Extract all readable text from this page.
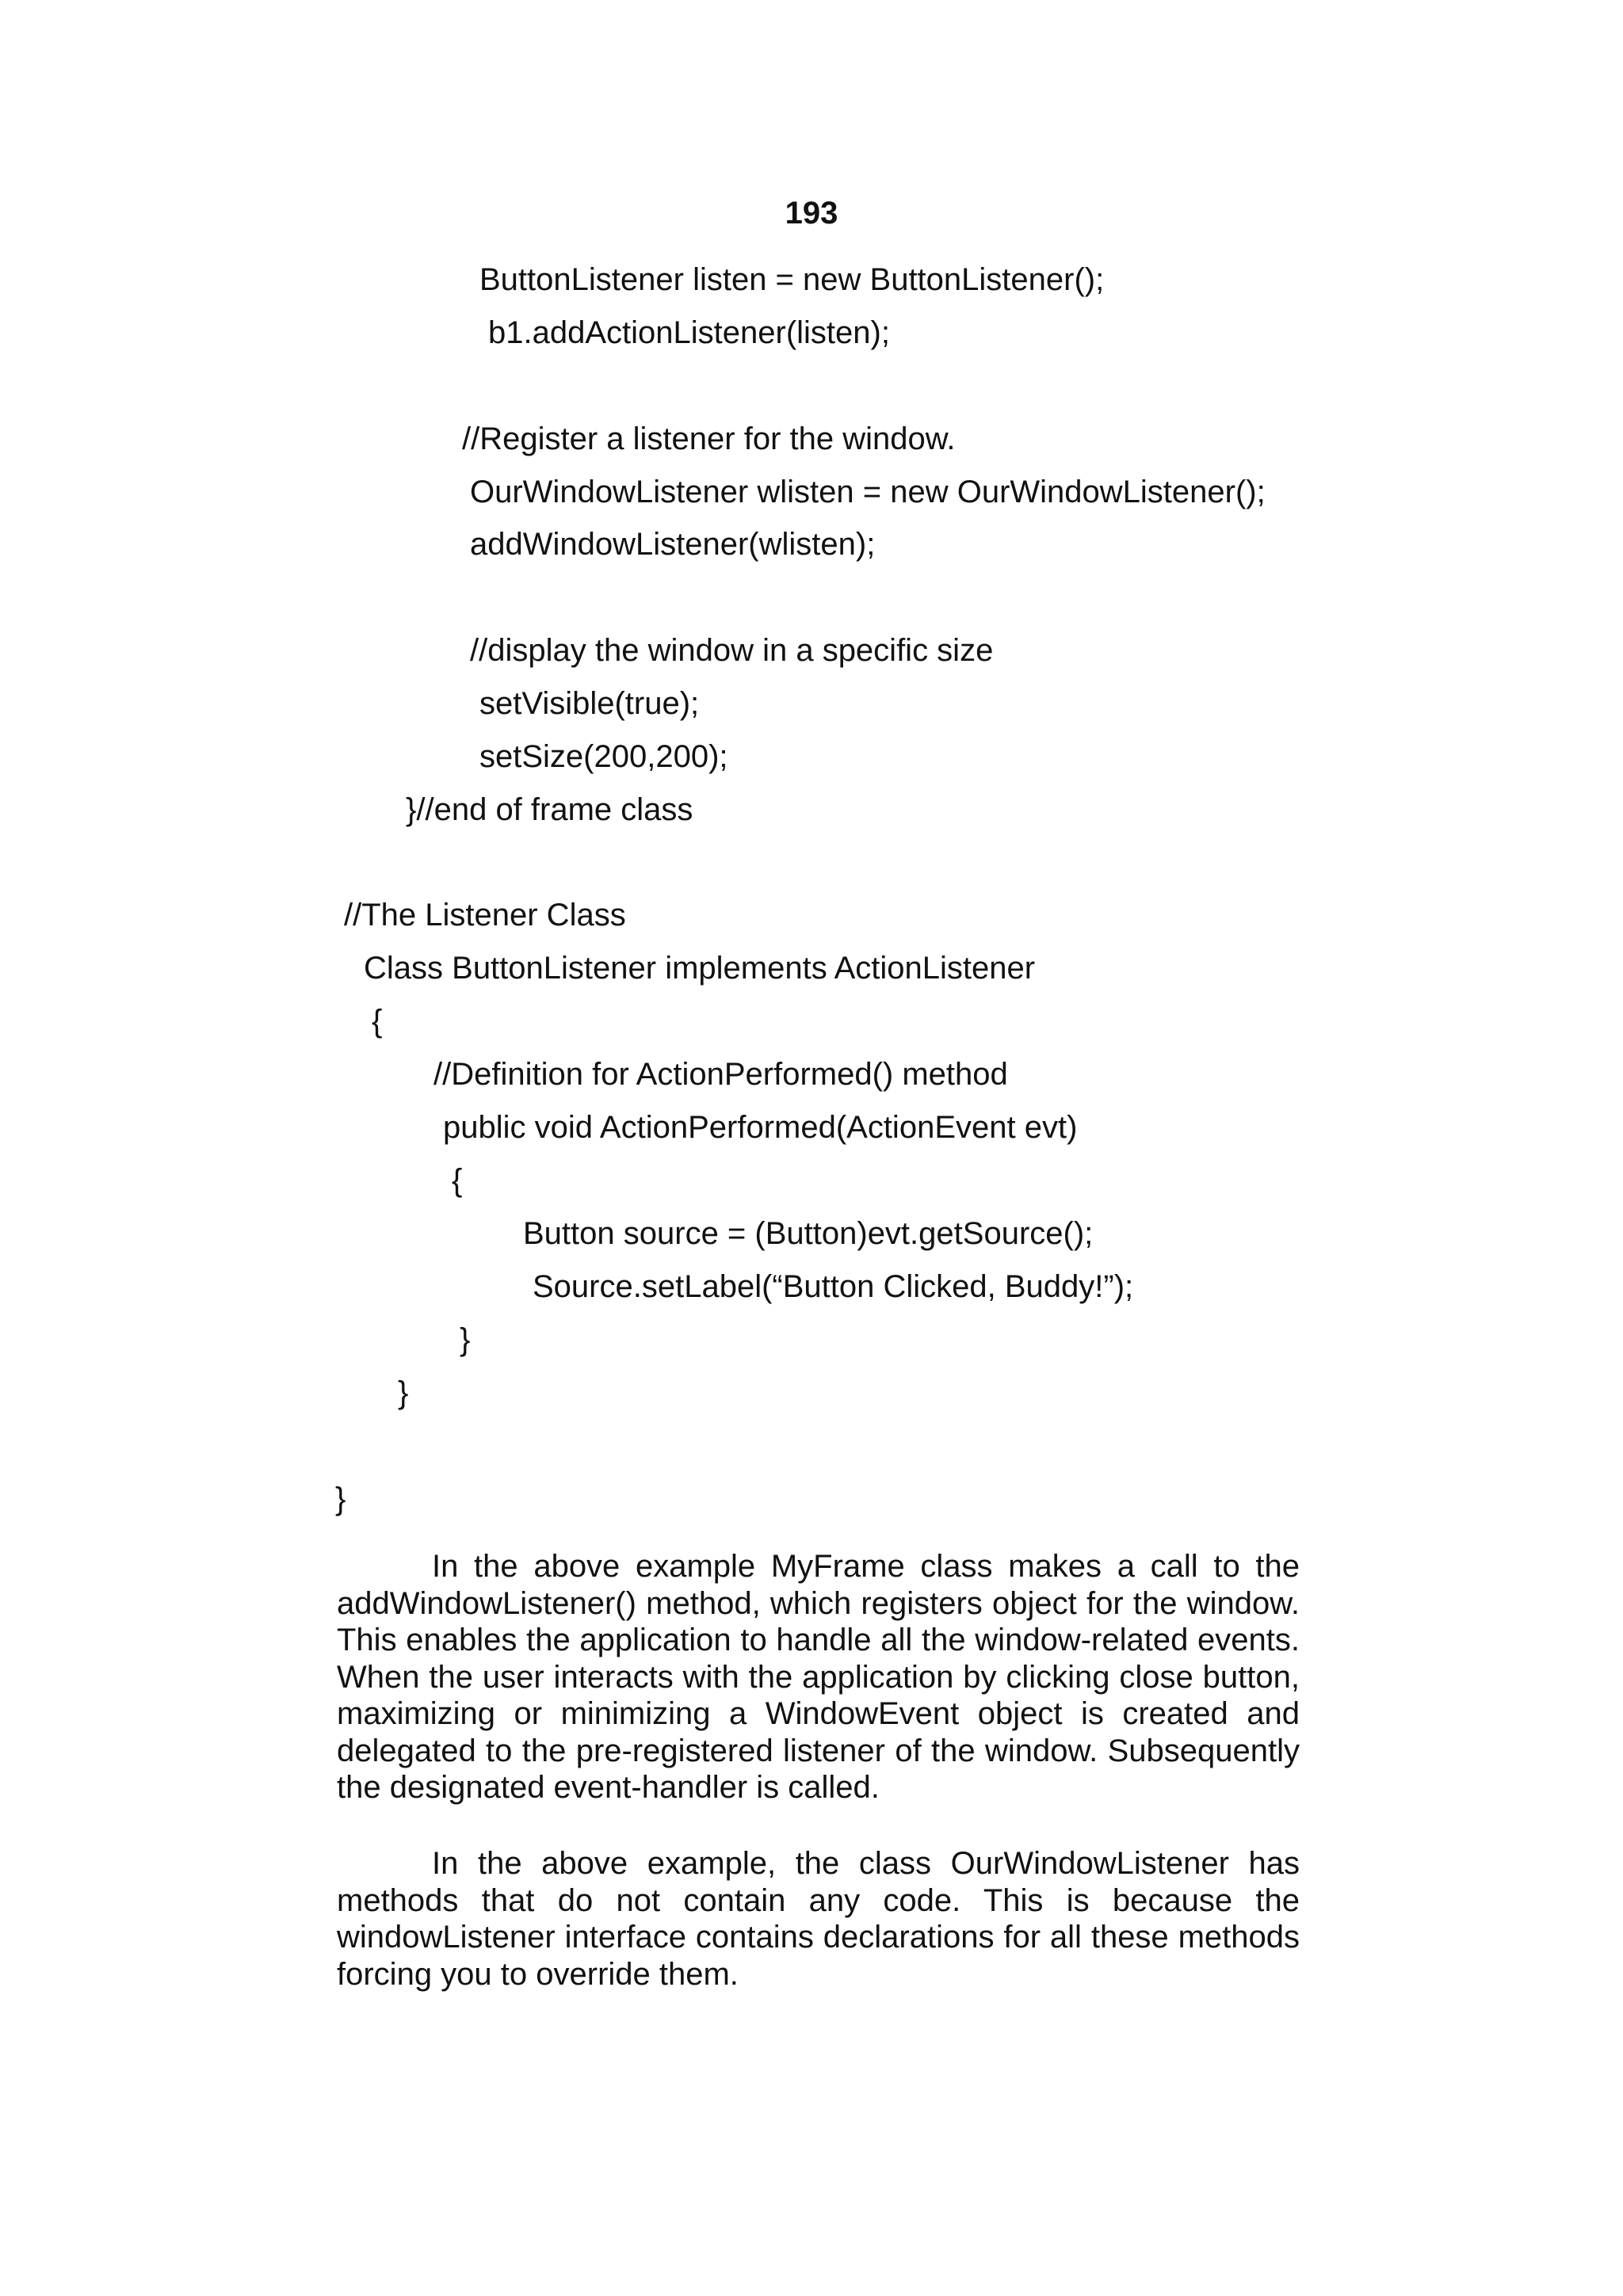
193
ButtonListener listen = new ButtonListener();
b1.addActionListener(listen);
//Register a listener for the window.
OurWindowListener wlisten = new OurWindowListener();
addWindowListener(wlisten);
//display the window in a specific size
setVisible(true);
setSize(200,200);
}//end of frame class
//The Listener Class
Class ButtonListener implements ActionListener
{
//Definition for ActionPerformed() method
public void ActionPerformed(ActionEvent evt)
{
Button source = (Button)evt.getSource();
Source.setLabel(“Button Clicked, Buddy!”);
}
}
}

In the above example MyFrame class makes a call to the addWindowListener() method, which registers object for the window. This enables the application to handle all the window-related events. When the user interacts with the application by clicking close button, maximizing or minimizing a WindowEvent object is created and delegated to the pre-registered listener of the window. Subsequently the designated event-handler is called.

In the above example, the class OurWindowListener has methods that do not contain any code. This is because the windowListener interface contains declarations for all these methods forcing you to override them.
